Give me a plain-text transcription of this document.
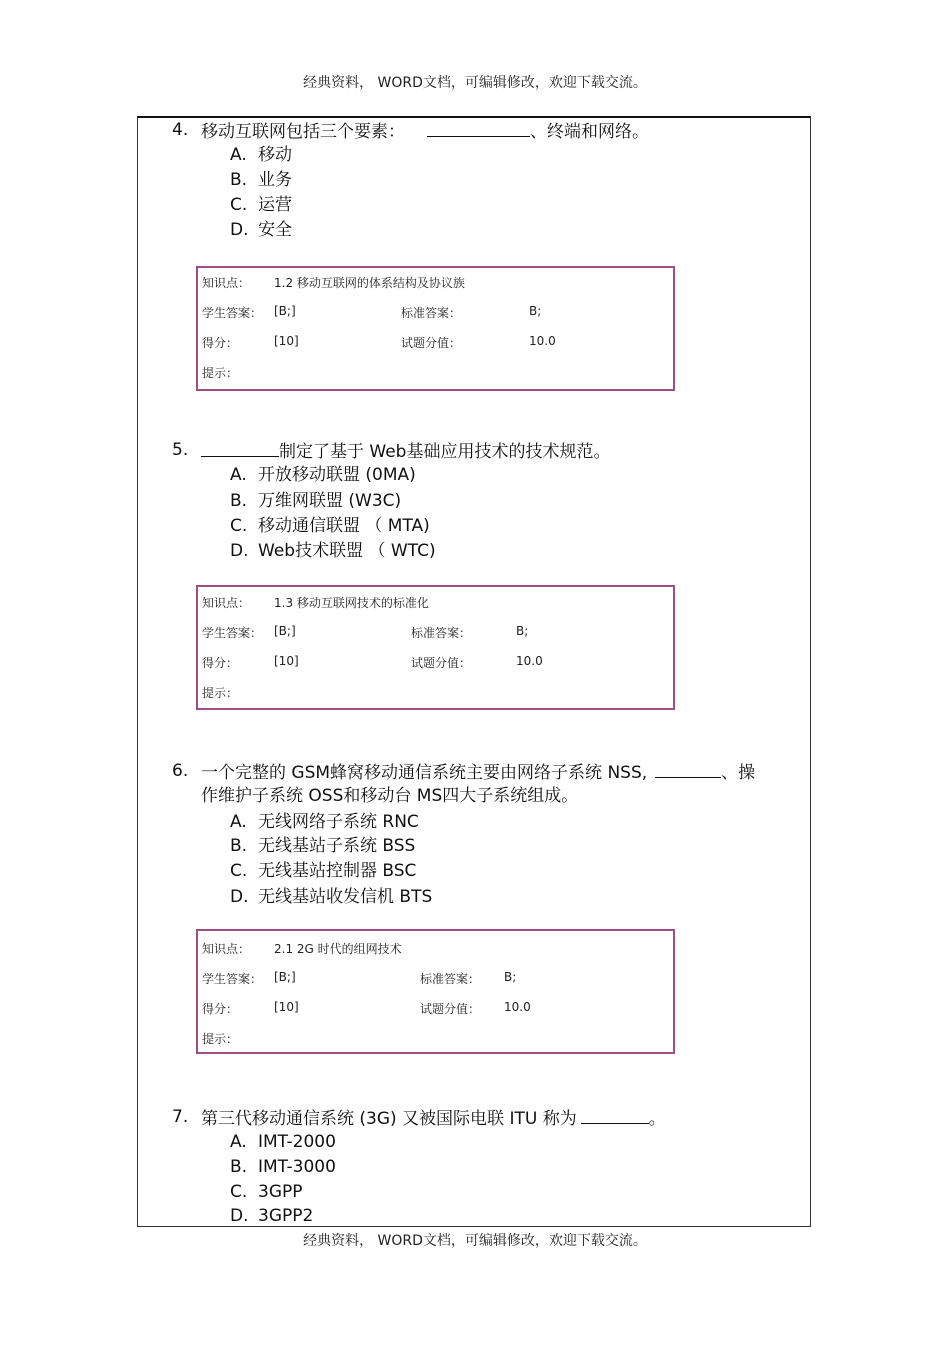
经典资料， WORD文档，可编辑修改，欢迎下载交流。
4. 移动互联网包括三个要素：	、终端和网络。
A. 移动
B. 业务
C. 运营
D. 安全
知识点： 1.2 移动互联网的体系结构及协议族
学生答案： [B;]	标准答案：	B;
得分：	[10]	试题分值：	10.0
提示：
5.	制定了基于 Web基础应用技术的技术规范。
A. 开放移动联盟 (0MA)
B. 万维网联盟 (W3C)
C. 移动通信联盟 （ MTA)
D. Web技术联盟 （ WTC)
知识点： 1.3 移动互联网技术的标准化
学生答案： [B;]	标准答案：	B;
得分：	[10]	试题分值：	10.0
提示：
6. 一个完整的 GSM蜂窝移动通信系统主要由网络子系统 NSS,	、操
作维护子系统 OSS和移动台 MS四大子系统组成。
A. 无线网络子系统 RNC
B. 无线基站子系统 BSS
C. 无线基站控制器 BSC
D. 无线基站收发信机 BTS
知识点： 2.1 2G 时代的组网技术
学生答案： [B;]	标准答案： B;
得分：	[10]	试题分值： 10.0
提示：
7. 第三代移动通信系统 (3G) 又被国际电联 ITU 称为	。
A. IMT-2000
B. IMT-3000
C. 3GPP
D. 3GPP2
经典资料， WORD文档，可编辑修改，欢迎下载交流。
